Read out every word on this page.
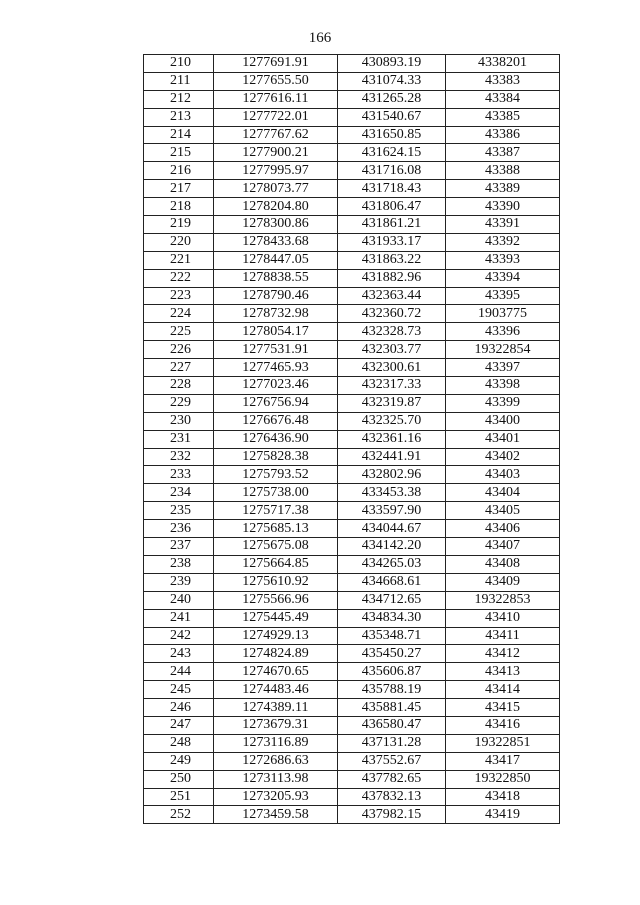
166
210	1277691.91	430893.19	4338201
211	1277655.50	431074.33	43383
212	1277616.11	431265.28	43384
213	1277722.01	431540.67	43385
214	1277767.62	431650.85	43386
215	1277900.21	431624.15	43387
216	1277995.97	431716.08	43388
217	1278073.77	431718.43	43389
218	1278204.80	431806.47	43390
219	1278300.86	431861.21	43391
220	1278433.68	431933.17	43392
221	1278447.05	431863.22	43393
222	1278838.55	431882.96	43394
223	1278790.46	432363.44	43395
224	1278732.98	432360.72	1903775
225	1278054.17	432328.73	43396
226	1277531.91	432303.77	19322854
227	1277465.93	432300.61	43397
228	1277023.46	432317.33	43398
229	1276756.94	432319.87	43399
230	1276676.48	432325.70	43400
231	1276436.90	432361.16	43401
232	1275828.38	432441.91	43402
233	1275793.52	432802.96	43403
234	1275738.00	433453.38	43404
235	1275717.38	433597.90	43405
236	1275685.13	434044.67	43406
237	1275675.08	434142.20	43407
238	1275664.85	434265.03	43408
239	1275610.92	434668.61	43409
240	1275566.96	434712.65	19322853
241	1275445.49	434834.30	43410
242	1274929.13	435348.71	43411
243	1274824.89	435450.27	43412
244	1274670.65	435606.87	43413
245	1274483.46	435788.19	43414
246	1274389.11	435881.45	43415
247	1273679.31	436580.47	43416
248	1273116.89	437131.28	19322851
249	1272686.63	437552.67	43417
250	1273113.98	437782.65	19322850
251	1273205.93	437832.13	43418
252	1273459.58	437982.15	43419
